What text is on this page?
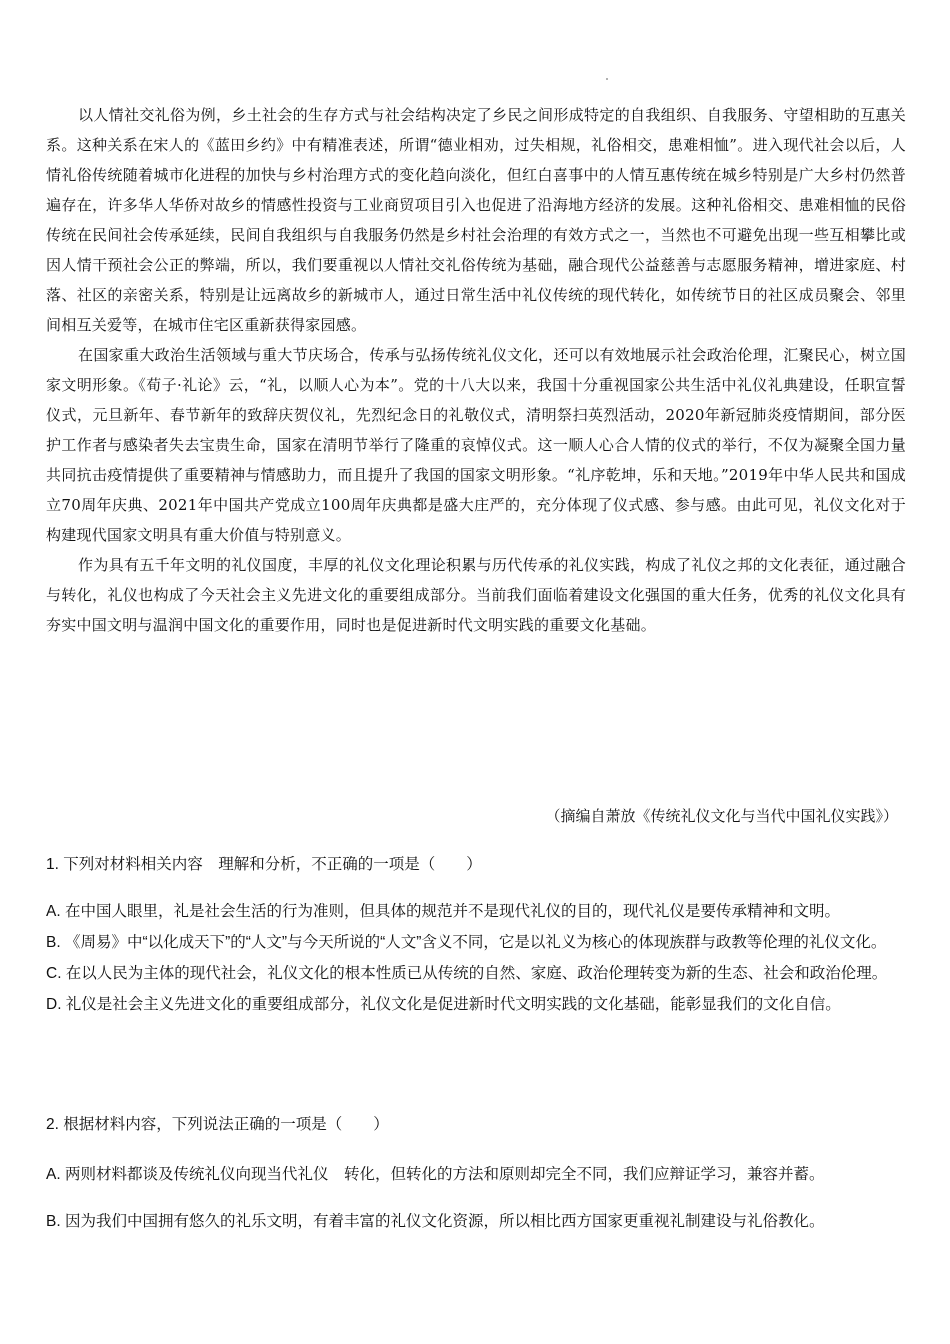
以人情社交礼俗为例，乡土社会的生存方式与社会结构决定了乡民之间形成特定的自我组织、自我服务、守望相助的互惠关系。这种关系在宋人的《蓝田乡约》中有精准表述，所谓“德业相劝，过失相规，礼俗相交，患难相恤”。进入现代社会以后，人情礼俗传统随着城市化进程的加快与乡村治理方式的变化趋向淡化，但红白喜事中的人情互惠传统在城乡特别是广大乡村仍然普遍存在，许多华人华侨对故乡的情感性投资与工业商贸项目引入也促进了沿海地方经济的发展。这种礼俗相交、患难相恤的民俗传统在民间社会传承延续，民间自我组织与自我服务仍然是乡村社会治理的有效方式之一，当然也不可避免出现一些互相攀比或因人情干预社会公正的弊端，所以，我们要重视以人情社交礼俗传统为基础，融合现代公益慈善与志愿服务精神，增进家庭、村落、社区的亲密关系，特别是让远离故乡的新城市人，通过日常生活中礼仪传统的现代转化，如传统节日的社区成员聚会、邻里间相互关爱等，在城市住宅区重新获得家园感。

在国家重大政治生活领域与重大节庆场合，传承与弘扬传统礼仪文化，还可以有效地展示社会政治伦理，汇聚民心，树立国家文明形象。《荀子·礼论》云，“礼，以顺人心为本”。党的十八大以来，我国十分重视国家公共生活中礼仪礼典建设，任职宣誓仪式，元旦新年、春节新年的致辞庆贺仪礼，先烈纪念日的礼敬仪式，清明祭扫英烈活动，2020年新冠肺炎疫情期间，部分医护工作者与感染者失去宝贵生命，国家在清明节举行了隆重的哀悼仪式。这一顺人心合人情的仪式的举行，不仅为凝聚全国力量共同抗击疫情提供了重要精神与情感助力，而且提升了我国的国家文明形象。“礼序乾坤，乐和天地。”2019年中华人民共和国成立70周年庆典、2021年中国共产党成立100周年庆典都是盛大庄严的，充分体现了仪式感、参与感。由此可见，礼仪文化对于构建现代国家文明具有重大价值与特别意义。

作为具有五千年文明的礼仪国度，丰厚的礼仪文化理论积累与历代传承的礼仪实践，构成了礼仪之邦的文化表征，通过融合与转化，礼仪也构成了今天社会主义先进文化的重要组成部分。当前我们面临着建设文化强国的重大任务，优秀的礼仪文化具有夯实中国文明与温润中国文化的重要作用，同时也是促进新时代文明实践的重要文化基础。

（摘编自萧放《传统礼仪文化与当代中国礼仪实践》）
1. 下列对材料相关内容　理解和分析，不正确的一项是（　　）
A. 在中国人眼里，礼是社会生活的行为准则，但具体的规范并不是现代礼仪的目的，现代礼仪是要传承精神和文明。
B. 《周易》中“以化成天下”的“人文”与今天所说的“人文”含义不同，它是以礼义为核心的体现族群与政教等伦理的礼仪文化。
C. 在以人民为主体的现代社会，礼仪文化的根本性质已从传统的自然、家庭、政治伦理转变为新的生态、社会和政治伦理。
D. 礼仪是社会主义先进文化的重要组成部分，礼仪文化是促进新时代文明实践的文化基础，能彰显我们的文化自信。
2. 根据材料内容，下列说法正确的一项是（　　）
A. 两则材料都谈及传统礼仪向现当代礼仪　转化，但转化的方法和原则却完全不同，我们应辩证学习，兼容并蓄。
B. 因为我们中国拥有悠久的礼乐文明，有着丰富的礼仪文化资源，所以相比西方国家更重视礼制建设与礼俗教化。
